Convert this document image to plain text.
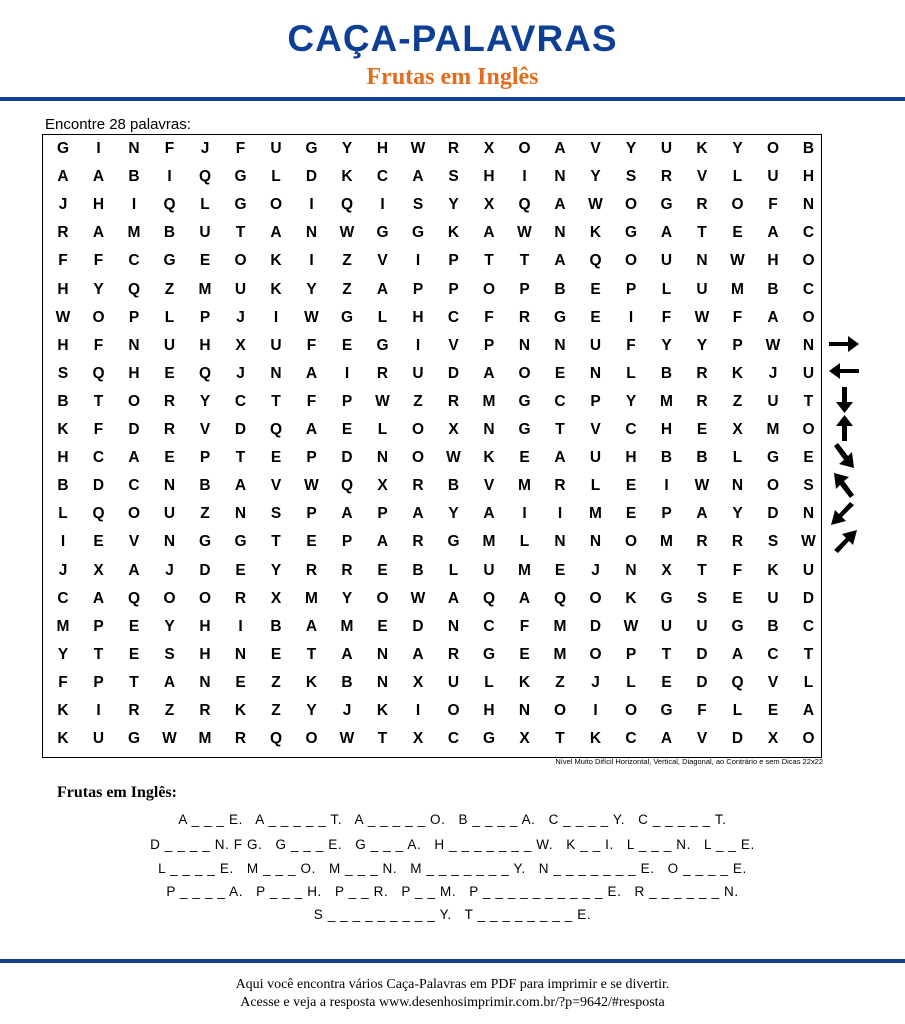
CAÇA-PALAVRAS
Frutas em Inglês
Encontre 28 palavras:
G	I	N	F	J	F	U	G	Y	H	W	R	X	O	A	V	Y	U	K	Y	O	B
A	A	B	I	Q	G	L	D	K	C	A	S	H	I	N	Y	S	R	V	L	U	H
J	H	I	Q	L	G	O	I	Q	I	S	Y	X	Q	A	W	O	G	R	O	F	N
R	A	M	B	U	T	A	N	W	G	G	K	A	W	N	K	G	A	T	E	A	C
F	F	C	G	E	O	K	I	Z	V	I	P	T	T	A	Q	O	U	N	W	H	O
H	Y	Q	Z	M	U	K	Y	Z	A	P	P	O	P	B	E	P	L	U	M	B	C
W	O	P	L	P	J	I	W	G	L	H	C	F	R	G	E	I	F	W	F	A	O
H	F	N	U	H	X	U	F	E	G	I	V	P	N	N	U	F	Y	Y	P	W	N
S	Q	H	E	Q	J	N	A	I	R	U	D	A	O	E	N	L	B	R	K	J	U
B	T	O	R	Y	C	T	F	P	W	Z	R	M	G	C	P	Y	M	R	Z	U	T
K	F	D	R	V	D	Q	A	E	L	O	X	N	G	T	V	C	H	E	X	M	O
H	C	A	E	P	T	E	P	D	N	O	W	K	E	A	U	H	B	B	L	G	E
B	D	C	N	B	A	V	W	Q	X	R	B	V	M	R	L	E	I	W	N	O	S
L	Q	O	U	Z	N	S	P	A	P	A	Y	A	I	I	M	E	P	A	Y	D	N
I	E	V	N	G	G	T	E	P	A	R	G	M	L	N	N	O	M	R	R	S	W
J	X	A	J	D	E	Y	R	R	E	B	L	U	M	E	J	N	X	T	F	K	U
C	A	Q	O	O	R	X	M	Y	O	W	A	Q	A	Q	O	K	G	S	E	U	D
M	P	E	Y	H	I	B	A	M	E	D	N	C	F	M	D	W	U	U	G	B	C
Y	T	E	S	H	N	E	T	A	N	A	R	G	E	M	O	P	T	D	A	C	T
F	P	T	A	N	E	Z	K	B	N	X	U	L	K	Z	J	L	E	D	Q	V	L
K	I	R	Z	R	K	Z	Y	J	K	I	O	H	N	O	I	O	G	F	L	E	A
K	U	G	W	M	R	Q	O	W	T	X	C	G	X	T	K	C	A	V	D	X	O
Nível Muito Difícil Horizontal, Vertical, Diagonal, ao Contrário e sem Dicas 22x22
Frutas em Inglês:
A _ _ _ E.   A _ _ _ _ _ T.   A _ _ _ _ _ O.   B _ _ _ _ A.   C _ _ _ _ Y.   C _ _ _ _ _ T.
D _ _ _ _ N. F G.   G _ _ _ E.   G _ _ _ A.   H _ _ _ _ _ _ _ W.   K _ _ I.   L _ _ _ N.   L _ _ E.
L _ _ _ _ E.   M _ _ _ O.   M _ _ _ N.   M _ _ _ _ _ _ _ Y.   N _ _ _ _ _ _ _ E.   O _ _ _ _ E.
P _ _ _ _ A.   P _ _ _ H.   P _ _ R.   P _ _ M.   P _ _ _ _ _ _ _ _ _ _ E.   R _ _ _ _ _ _ N.
S _ _ _ _ _ _ _ _ _ Y.   T _ _ _ _ _ _ _ _ E.
Aqui você encontra vários Caça-Palavras em PDF para imprimir e se divertir.
Acesse e veja a resposta www.desenhosimprimir.com.br/?p=9642/#resposta
